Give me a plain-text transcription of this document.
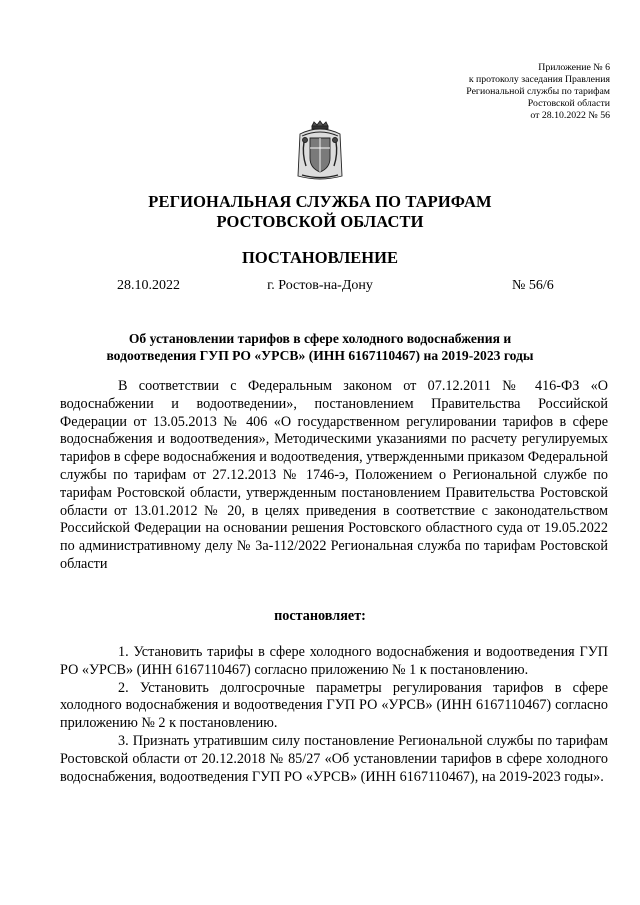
Приложение № 6
к протоколу заседания Правления
Региональной службы по тарифам
Ростовской области
от 28.10.2022 № 56
РЕГИОНАЛЬНАЯ СЛУЖБА ПО ТАРИФАМ
РОСТОВСКОЙ ОБЛАСТИ
ПОСТАНОВЛЕНИЕ
28.10.2022	г. Ростов-на-Дону	№ 56/6
Об установлении тарифов в сфере холодного водоснабжения и
водоотведения ГУП РО «УРСВ» (ИНН 6167110467) на 2019-2023 годы
В соответствии с Федеральным законом от 07.12.2011 № 416-ФЗ «О водоснабжении и водоотведении», постановлением Правительства Российской Федерации от 13.05.2013 № 406 «О государственном регулировании тарифов в сфере водоснабжения и водоотведения», Методическими указаниями по расчету регулируемых тарифов в сфере водоснабжения и водоотведения, утвержденными приказом Федеральной службы по тарифам от 27.12.2013 № 1746-э, Положением о Региональной службе по тарифам Ростовской области, утвержденным постановлением Правительства Ростовской области от 13.01.2012 № 20, в целях приведения в соответствие с законодательством Российской Федерации на основании решения Ростовского областного суда от 19.05.2022 по административному делу № 3а-112/2022 Региональная служба по тарифам Ростовской области
постановляет:

1. Установить тарифы в сфере холодного водоснабжения и водоотведения ГУП РО «УРСВ» (ИНН 6167110467) согласно приложению № 1 к постановлению.

2. Установить долгосрочные параметры регулирования тарифов в сфере холодного водоснабжения и водоотведения ГУП РО «УРСВ» (ИНН 6167110467) согласно приложению № 2 к постановлению.

3. Признать утратившим силу постановление Региональной службы по тарифам Ростовской области от 20.12.2018 № 85/27 «Об установлении тарифов в сфере холодного водоснабжения, водоотведения ГУП РО «УРСВ» (ИНН 6167110467), на 2019-2023 годы».
